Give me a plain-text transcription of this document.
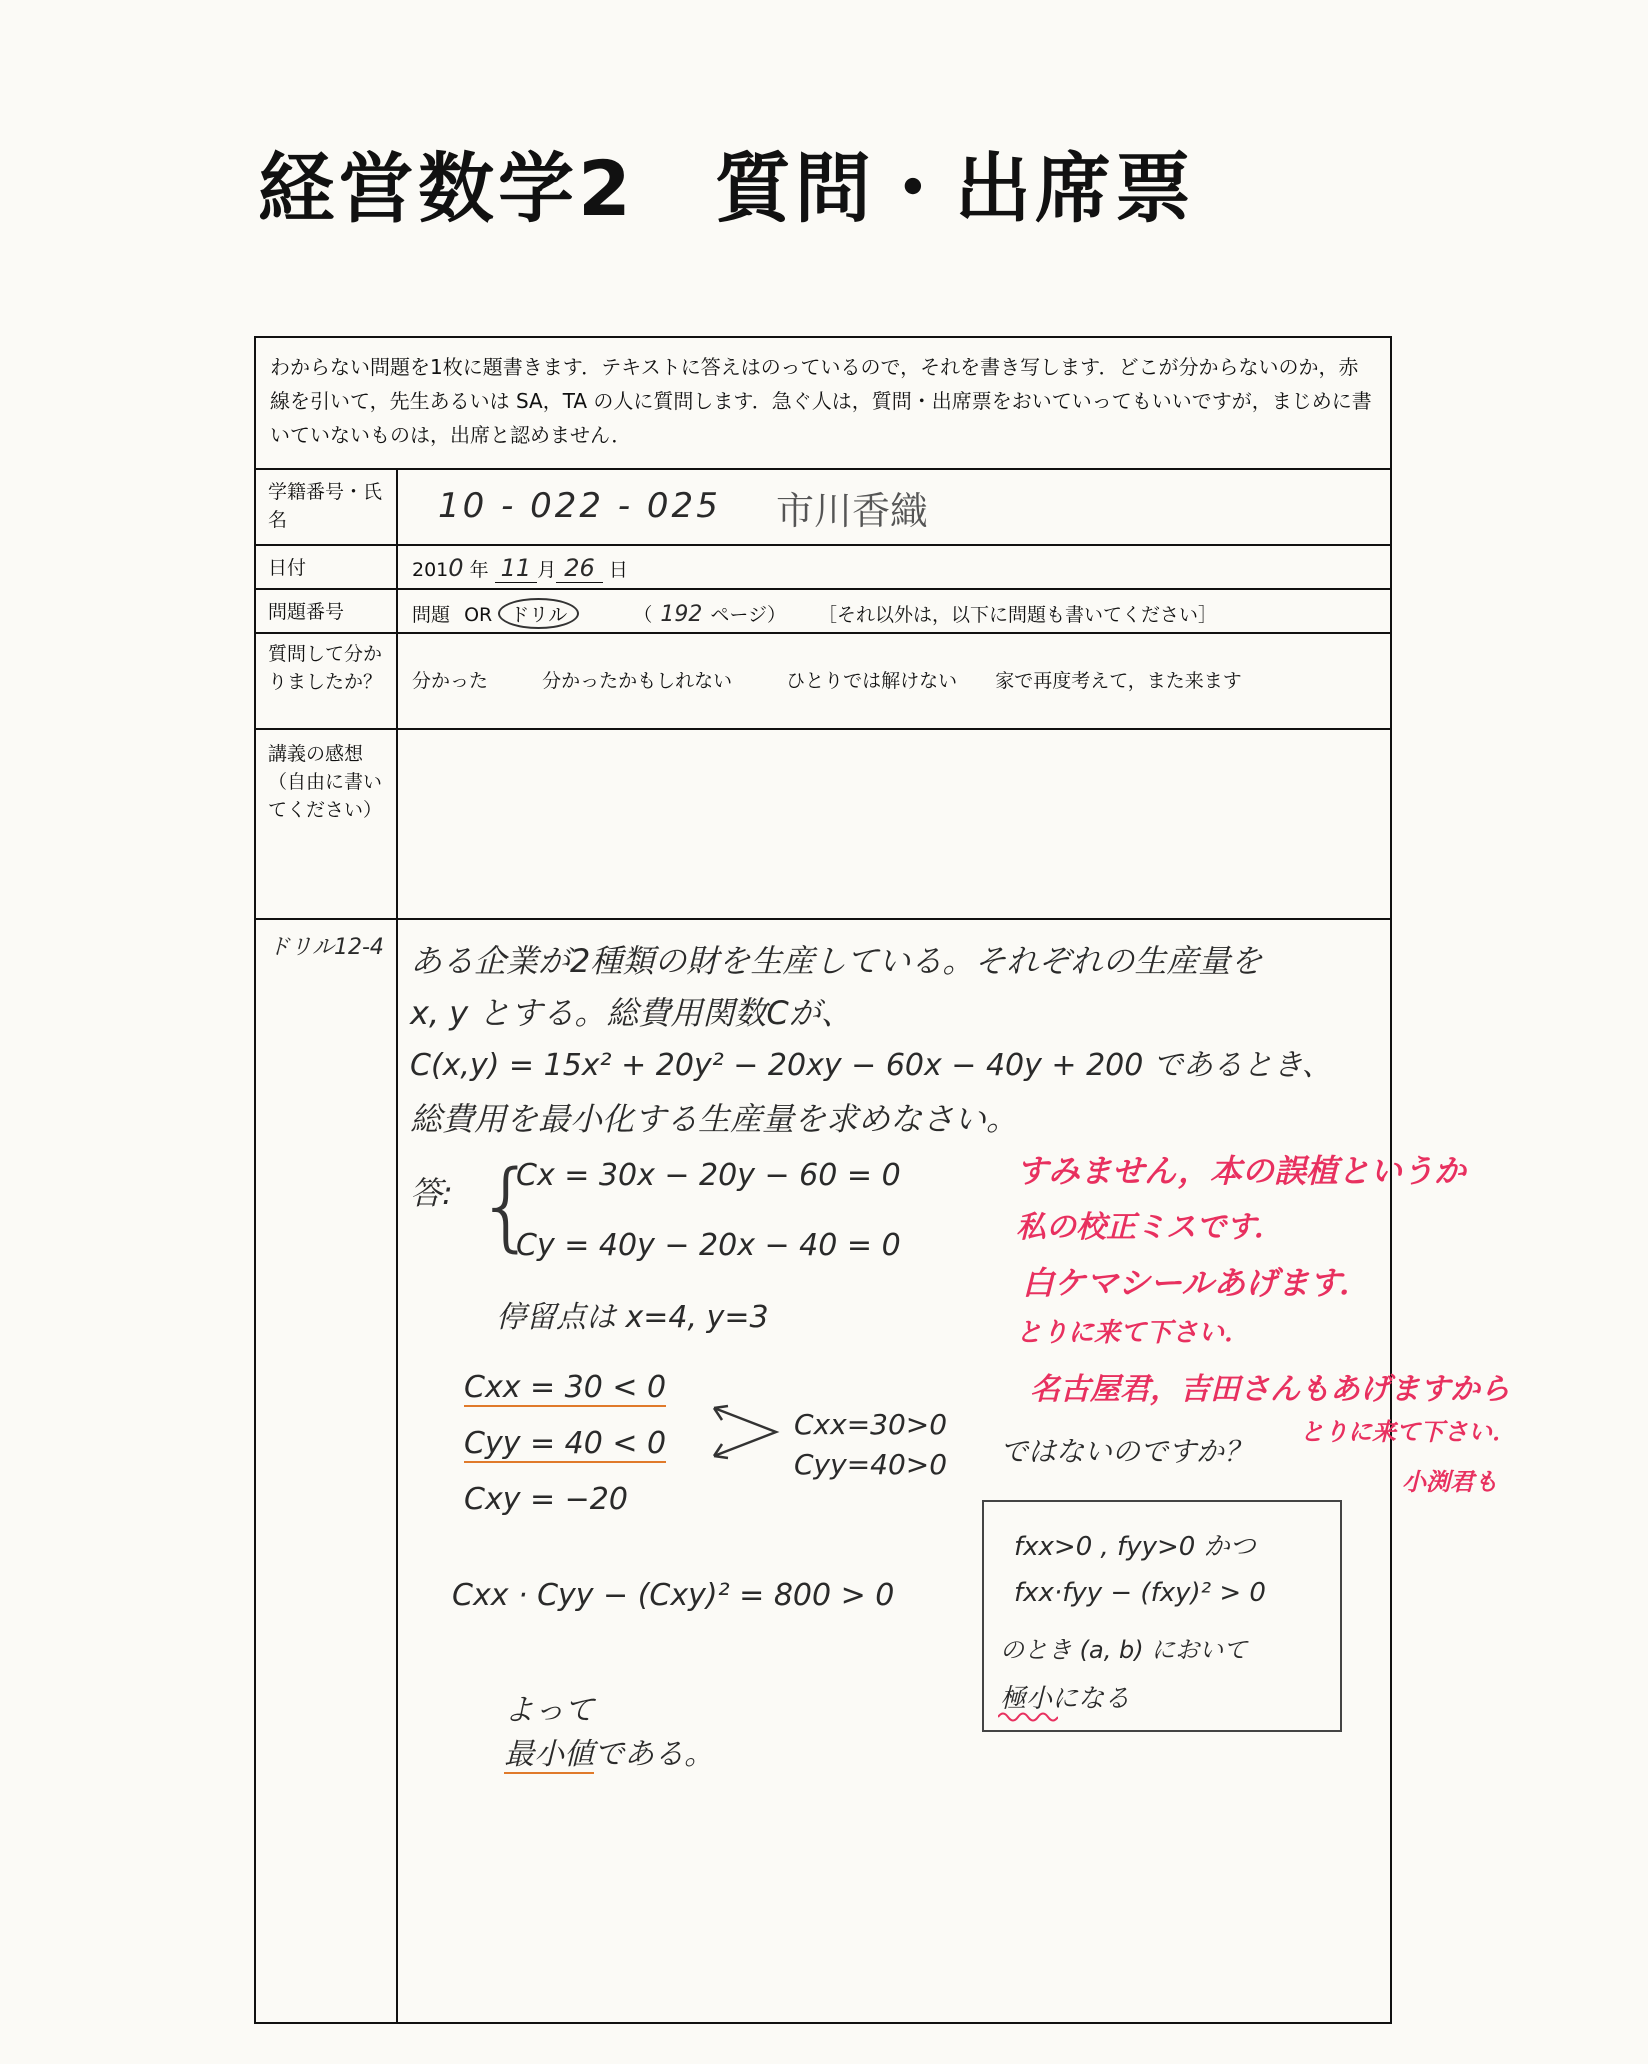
経営数学2　質問・出席票
わからない問題を1枚に題書きます．テキストに答えはのっているので，それを書き写します．どこが分からないのか，赤線を引いて，先生あるいは SA，TA の人に質問します．急ぐ人は，質問・出席票をおいていってもいいですが，まじめに書いていないものは，出席と認めません．
学籍番号・氏名	10 - 022 - 025 市川香織
日付	2010 年 11 月 26 日
問題番号	問題 OR ドリル	（ 192 ページ） ［それ以外は，以下に問題も書いてください］
質問して分かりましたか？	分かった	分かったかもしれない	ひとりでは解けない 家で再度考えて，また来ます
講義の感想（自由に書いてください）
ドリル12-4 ある企業が2種類の財を生産している。それぞれの生産量を
x, y とする。総費用関数Cが、
C(x,y) = 15x² + 20y² − 20xy − 60x − 40y + 200 であるとき、
総費用を最小化する生産量を求めなさい。
答: {
Cx = 30x − 20y − 60 = 0
Cy = 40y − 20x − 40 = 0
停留点は x=4, y=3
Cxx = 30 < 0
Cyy = 40 < 0
Cxy = −20
Cxx=30>0
Cyy=40>0 ではないのですか？
Cxx · Cyy − (Cxy)² = 800 > 0

よって
最小値である。

すみません，本の誤植というか
私の校正ミスです．
白ケマシールあげます．
とりに来て下さい．
名古屋君，吉田さんもあげますから
とりに来て下さい．
小渕君も
fxx>0 , fyy>0 かつ
fxx·fyy − (fxy)² > 0
のとき (a, b) において
極小になる
